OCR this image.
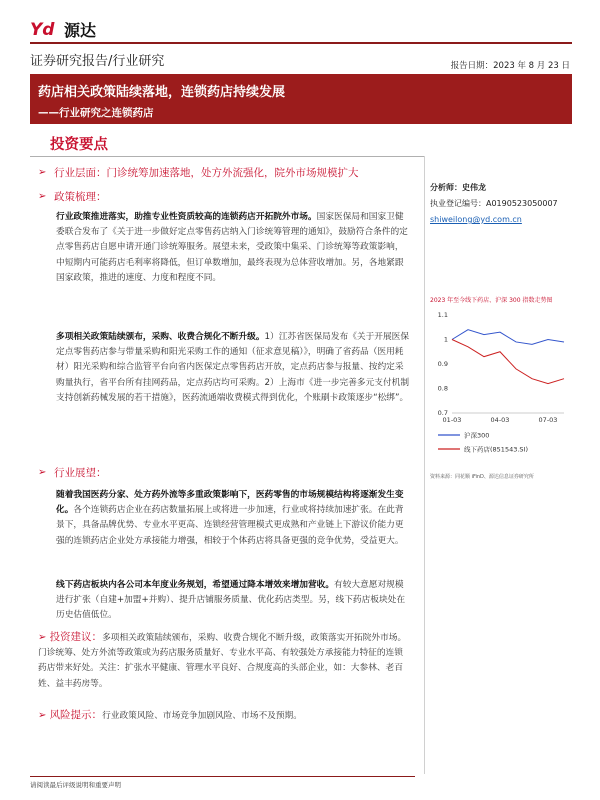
Yd 源达
证券研究报告/行业研究	报告日期：2023 年 8 月 23 日
药店相关政策陆续落地，连锁药店持续发展
——行业研究之连锁药店
投资要点
➢ 行业层面：门诊统筹加速落地，处方外流强化，院外市场规模扩大
➢ 政策梳理：
行业政策推进落实，助推专业性资质较高的连锁药店开拓院外市场。国家医保局和国家卫健委联合发布了《关于进一步做好定点零售药店纳入门诊统筹管理的通知》，鼓励符合条件的定点零售药店自愿申请开通门诊统筹服务。展望未来，受政策中集采、门诊统筹等政策影响，中短期内可能药店毛利率将降低，但订单数增加，最终表现为总体营收增加。另，各地紧跟国家政策，推进的速度、力度和程度不同。
多项相关政策陆续颁布，采购、收费合规化不断升级。1）江苏省医保局发布《关于开展医保定点零售药店参与带量采购和阳光采购工作的通知（征求意见稿）》，明确了省药品（医用耗材）阳光采购和综合监管平台向省内医保定点零售药店开放，定点药店参与报量、按约定采购量执行，省平台所有挂网药品，定点药店均可采购。2）上海市《进一步完善多元支付机制支持创新药械发展的若干措施》，医药流通端收费模式得到优化，个账刷卡政策逐步“松绑”。
➢ 行业展望：
随着我国医药分家、处方药外流等多重政策影响下，医药零售的市场规模结构将逐渐发生变化。各个连锁药店企业在药店数量拓展上或将进一步加速，行业或将持续加速扩张。在此背景下，具备品牌优势、专业水平更高、连锁经营管理模式更成熟和产业链上下游议价能力更强的连锁药店企业处方承接能力增强，相较于个体药店将具备更强的竞争优势，受益更大。
线下药店板块内各公司本年度业务规划，希望通过降本增效来增加营收。有较大意愿对规模进行扩张（自建+加盟+并购）、提升店铺服务质量、优化药店类型。另，线下药店板块处在历史估值低位。
➢ 投资建议：多项相关政策陆续颁布，采购、收费合规化不断升级，政策落实开拓院外市场。门诊统筹、处方外流等政策或为药店服务质量好、专业水平高、有较强处方承接能力特征的连锁药店带来好处。关注：扩张水平健康、管理水平良好、合规度高的头部企业，如：大参林、老百姓、益丰药房等。
➢ 风险提示：行业政策风险、市场竞争加剧风险、市场不及预期。
分析师：史伟龙
执业登记编号：A0190523050007
shiweilong@yd.com.cn
2023 年至今线下药店、沪深 300 指数走势图
1.1
1
0.9
0.8
0.7
01-03	04-03	07-03
沪深300
线下药店(851543.SI)
资料来源：同花顺 iFinD、源达信息证券研究所
请阅读最后评级说明和重要声明
